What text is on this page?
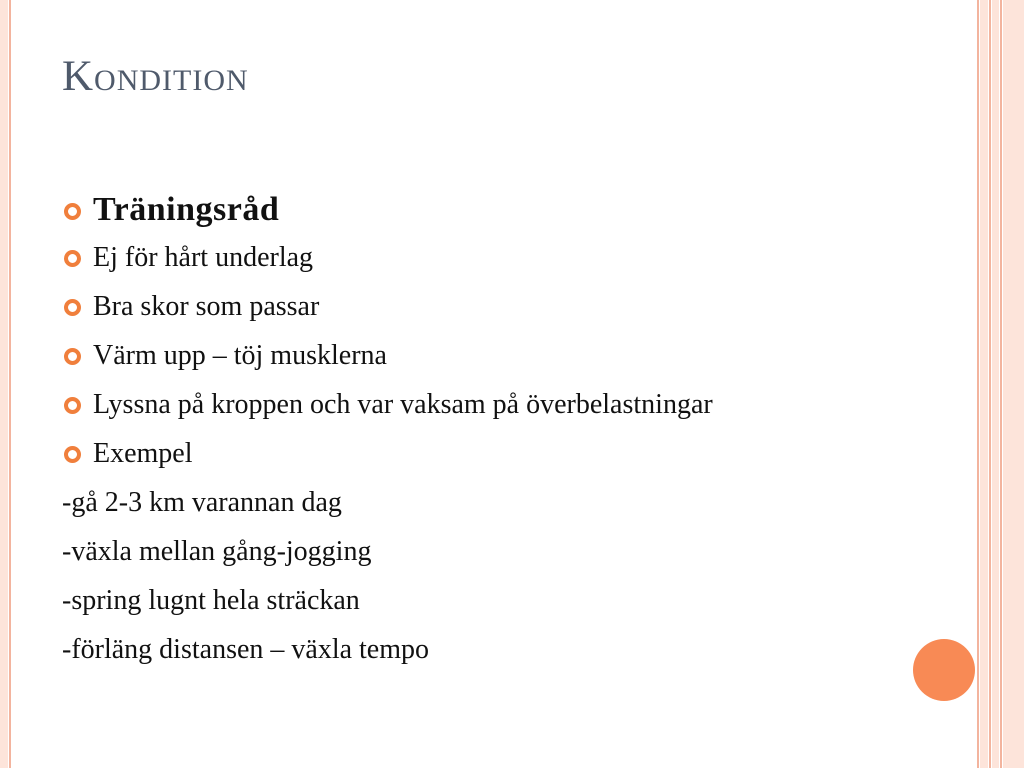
Kondition
Träningsråd
Ej för hårt underlag
Bra skor som passar
Värm upp – töj musklerna
Lyssna på kroppen och var vaksam på överbelastningar
Exempel
-gå 2-3 km varannan dag
-växla mellan gång-jogging
-spring lugnt hela sträckan
-förläng distansen – växla tempo
